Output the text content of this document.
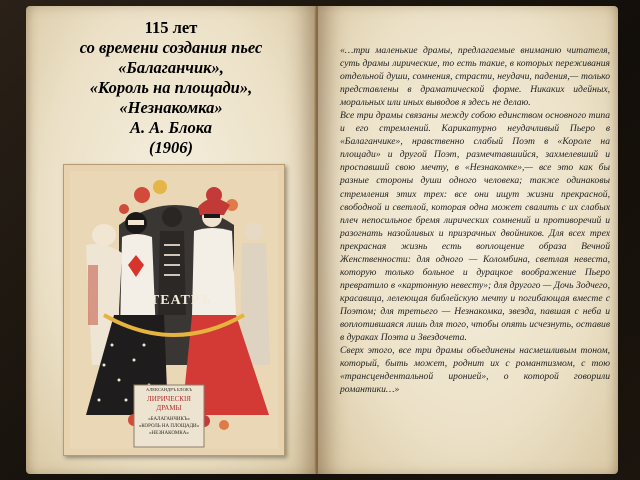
115 лет
со времени создания пьес
«Балаганчик»,
«Король на площади»,
«Незнакомка»
А. А. Блока
(1906)
ТЕАТРЪ
АЛЕКСАНДРЪ БЛОКЪ
ЛИРИЧЕСКIЯ
ДРАМЫ
«БАЛАГАНЧИКЪ»
«КОРОЛЬ НА ПЛОЩАДИ»
«НЕЗНАКОМКА»

«…три маленькие драмы, предлагаемые вниманию читателя, суть драмы лирические, то есть такие, в которых переживания отдельной души, сомнения, страсти, неудачи, падения,— только представлены в драматической форме. Никаких идейных, моральных или иных выводов я здесь не делаю.

Все три драмы связаны между собою единством основного типа и его стремлений. Карикатурно неудачливый Пьеро в «Балаганчике», нравственно слабый Поэт в «Короле на площади» и другой Поэт, размечтавшийся, захмелевший и проспавший свою мечту, в «Незнакомке»,— все это как бы разные стороны души одного человека; также одинаковы стремления этих трех: все они ищут жизни прекрасной, свободной и светлой, которая одна может свалить с их слабых плеч непосильное бремя лирических сомнений и противоречий и разогнать назойливых и призрачных двойников. Для всех трех прекрасная жизнь есть воплощение образа Вечной Женственности: для одного — Коломбина, светлая невеста, которую только больное и дурацкое воображение Пьеро превратило в «картонную невесту»; для другого — Дочь Зодчего, красавица, лелеющая библейскую мечту и погибающая вместе с Поэтом; для третьего — Незнакомка, звезда, павшая с неба и воплотившаяся лишь для того, чтобы опять исчезнуть, оставив в дураках Поэта и Звездочета.

Сверх этого, все три драмы объединены насмешливым тоном, который, быть может, роднит их с романтизмом, с тою «трансцендентальной иронией», о которой говорили романтики…»
